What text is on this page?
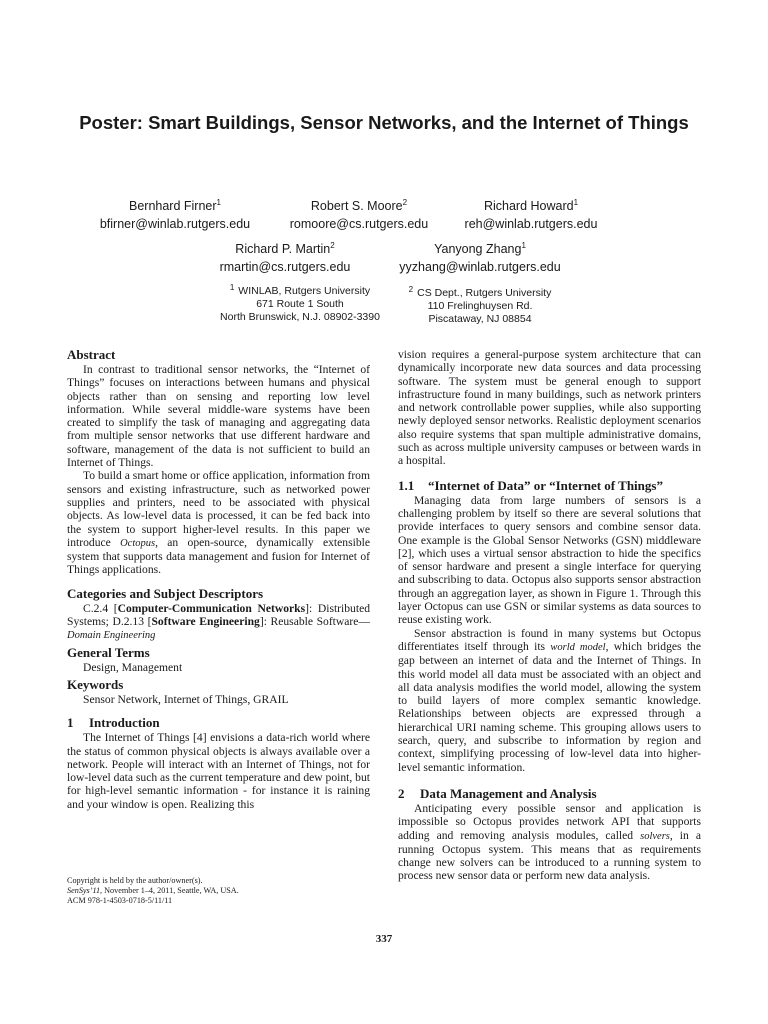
Poster: Smart Buildings, Sensor Networks, and the Internet of Things
Bernhard Firner$^1$
bfirner@winlab.rutgers.edu
Robert S. Moore$^2$
romoore@cs.rutgers.edu
Richard Howard$^1$
reh@winlab.rutgers.edu
Richard P. Martin$^2$
rmartin@cs.rutgers.edu
Yanyong Zhang$^1$
yyzhang@winlab.rutgers.edu
$^1$ WINLAB, Rutgers University
671 Route 1 South
North Brunswick, N.J. 08902-3390
$^2$ CS Dept., Rutgers University
110 Frelinghuysen Rd.
Piscataway, NJ 08854
Abstract

In contrast to traditional sensor networks, the “Internet of Things” focuses on interactions between humans and physical objects rather than on sensing and reporting low level information. While several middle-ware systems have been created to simplify the task of managing and aggregating data from multiple sensor networks that use different hardware and software, management of the data is not sufficient to build an Internet of Things.

To build a smart home or office application, information from sensors and existing infrastructure, such as networked power supplies and printers, need to be associated with physical objects. As low-level data is processed, it can be fed back into the system to support higher-level results. In this paper we introduce Octopus, an open-source, dynamically extensible system that supports data management and fusion for Internet of Things applications.

Categories and Subject Descriptors

C.2.4 [Computer-Communication Networks]: Distributed Systems; D.2.13 [Software Engineering]: Reusable Software—Domain Engineering

General Terms

Design, Management

Keywords

Sensor Network, Internet of Things, GRAIL

1 Introduction

The Internet of Things [4] envisions a data-rich world where the status of common physical objects is always available over a network. People will interact with an Internet of Things, not for low-level data such as the current temperature and dew point, but for high-level semantic information - for instance it is raining and your window is open. Realizing this

vision requires a general-purpose system architecture that can dynamically incorporate new data sources and data processing software. The system must be general enough to support infrastructure found in many buildings, such as network printers and network controllable power supplies, while also supporting newly deployed sensor networks. Realistic deployment scenarios also require systems that span multiple administrative domains, such as across multiple university campuses or between wards in a hospital.

1.1 “Internet of Data” or “Internet of Things”

Managing data from large numbers of sensors is a challenging problem by itself so there are several solutions that provide interfaces to query sensors and combine sensor data. One example is the Global Sensor Networks (GSN) middleware [2], which uses a virtual sensor abstraction to hide the specifics of sensor hardware and present a single interface for querying and subscribing to data. Octopus also supports sensor abstraction through an aggregation layer, as shown in Figure 1. Through this layer Octopus can use GSN or similar systems as data sources to reuse existing work.

Sensor abstraction is found in many systems but Octopus differentiates itself through its world model, which bridges the gap between an internet of data and the Internet of Things. In this world model all data must be associated with an object and all data analysis modifies the world model, allowing the system to build layers of more complex semantic knowledge. Relationships between objects are expressed through a hierarchical URI naming scheme. This grouping allows users to search, query, and subscribe to information by region and context, simplifying processing of low-level data into higher-level semantic information.

2 Data Management and Analysis

Anticipating every possible sensor and application is impossible so Octopus provides network API that supports adding and removing analysis modules, called solvers, in a running Octopus system. This means that as requirements change new solvers can be introduced to a running system to process new sensor data or perform new data analysis.

Copyright is held by the author/owner(s).
SenSys’11, November 1–4, 2011, Seattle, WA, USA.
ACM 978-1-4503-0718-5/11/11
337
